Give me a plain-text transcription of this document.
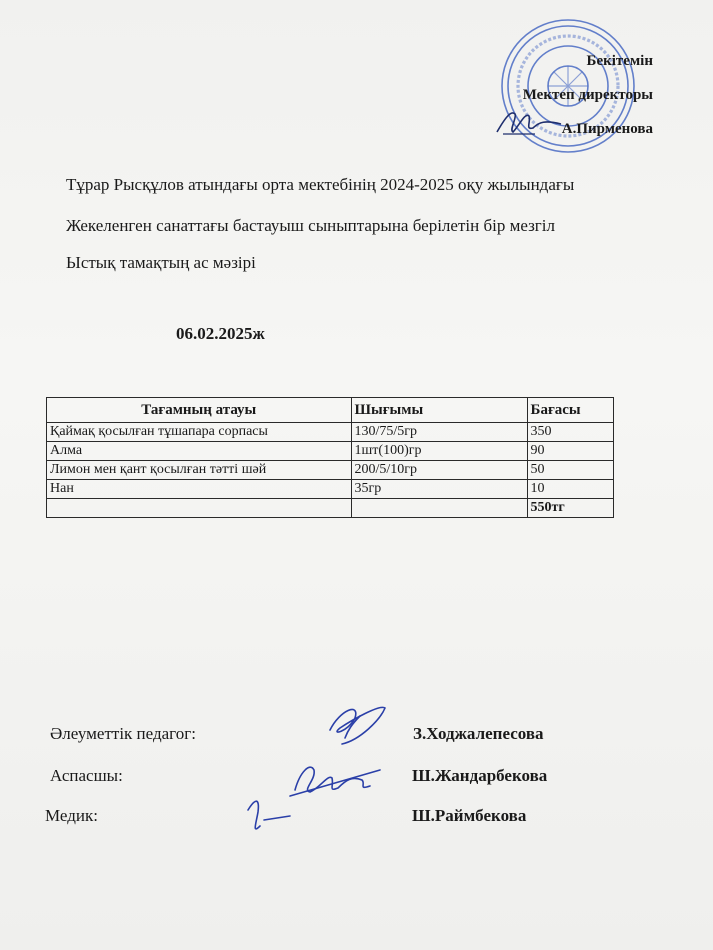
Бекітемін
Мектеп директоры
А.Пирменова
Тұрар Рысқұлов атындағы орта мектебінің 2024-2025 оқу жылындағы
Жекеленген санаттағы бастауыш сыныптарына берілетін бір мезгіл
Ыстық тамақтың ас мәзірі
06.02.2025ж
Тағамның атауы	Шығымы	Бағасы
Қаймақ қосылған тұшапара сорпасы	130/75/5гр	350
Алма	1шт(100)гр	90
Лимон мен қант қосылған тәтті шәй	200/5/10гр	50
Нан	35гр	10
		550тг
Әлеуметтік педагог:	З.Ходжалепесова
Аспасшы:	Ш.Жандарбекова
Медик:	Ш.Раймбекова
